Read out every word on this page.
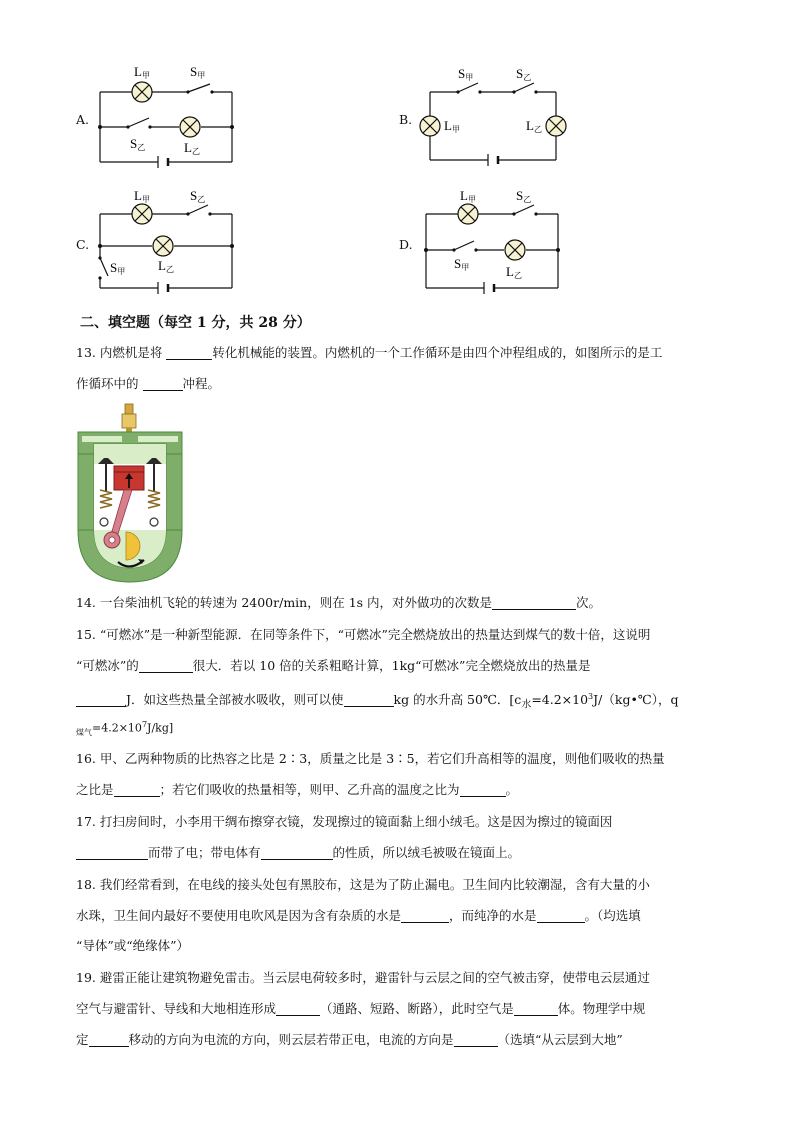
A.
L甲	S甲
S乙	L乙
B.
S甲	S乙
L甲	L乙
C.
L甲	S乙
S甲	L乙
D.
L甲	S乙
S甲	L乙
二、填空题（每空 1 分，共 28 分）
13. 内燃机是将	转化机械能的装置。内燃机的一个工作循环是由四个冲程组成的，如图所示的是工
作循环中的	冲程。
14. 一台柴油机飞轮的转速为 2400r/min，则在 1s 内，对外做功的次数是	次。
15. “可燃冰”是一种新型能源．在同等条件下，“可燃冰”完全燃烧放出的热量达到煤气的数十倍，这说明
“可燃冰”的	很大．若以 10 倍的关系粗略计算，1kg“可燃冰”完全燃烧放出的热量是
J．如这些热量全部被水吸收，则可以使	kg 的水升高 50℃．[$c_水=4.2\times 10^3J/(kg•℃)$，q
$_{煤气}=4.2\times 10^7J/kg$]
16. 甲、乙两种物质的比热容之比是 2∶3，质量之比是 3∶5，若它们升高相等的温度，则他们吸收的热量
之比是	；若它们吸收的热量相等，则甲、乙升高的温度之比为	。
17. 打扫房间时，小李用干绸布擦穿衣镜，发现擦过的镜面黏上细小绒毛。这是因为擦过的镜面因
而带了电；带电体有	的性质，所以绒毛被吸在镜面上。
18. 我们经常看到，在电线的接头处包有黑胶布，这是为了防止漏电。卫生间内比较潮湿，含有大量的小
水珠，卫生间内最好不要使用电吹风是因为含有杂质的水是	，而纯净的水是	。（均选填
“导体”或“绝缘体”）
19. 避雷正能让建筑物避免雷击。当云层电荷较多时，避雷针与云层之间的空气被击穿，使带电云层通过
空气与避雷针、导线和大地相连形成	（通路、短路、断路），此时空气是	体。物理学中规
定	移动的方向为电流的方向，则云层若带正电，电流的方向是	（选填“从云层到大地”
